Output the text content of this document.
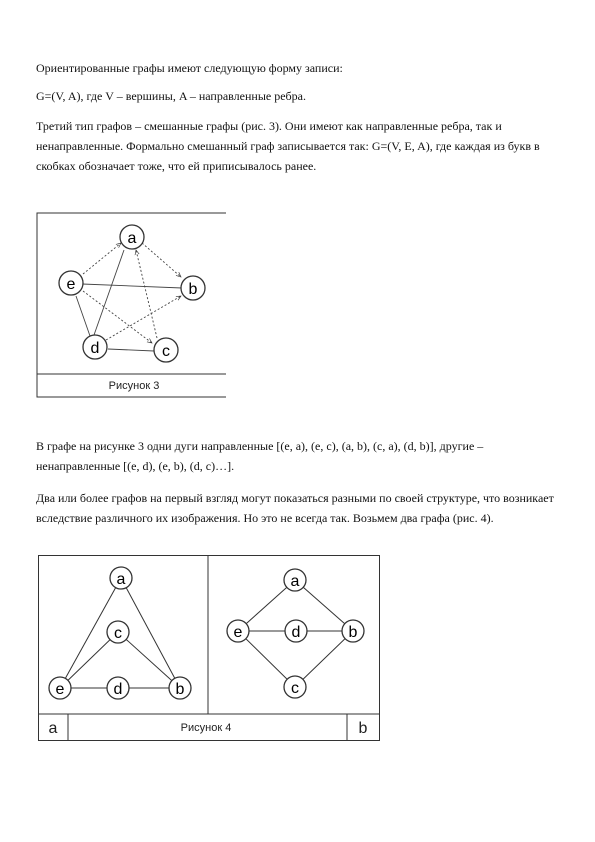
Ориентированные графы имеют следующую форму записи:

G=(V, A), где V – вершины, A – направленные ребра.

Третий тип графов – смешанные графы (рис. 3). Они имеют как направленные ребра, так и ненаправленные. Формально смешанный граф записывается так: G=(V, E, A), где каждая из букв в скобках обозначает тоже, что ей приписывалось ранее.

a
e	b
d	c
Рисунок 3

В графе на рисунке 3 одни дуги направленные [(e, a), (e, c), (a, b), (c, a), (d, b)], другие – ненаправленные [(e, d), (e, b), (d, c)…].

Два или более графов на первый взгляд могут показаться разными по своей структуре, что возникает вследствие различного их изображения. Но это не всегда так. Возьмем два графа (рис. 4).

a
c
e	d	b
a
e	d	b
c
a	Рисунок 4	b
